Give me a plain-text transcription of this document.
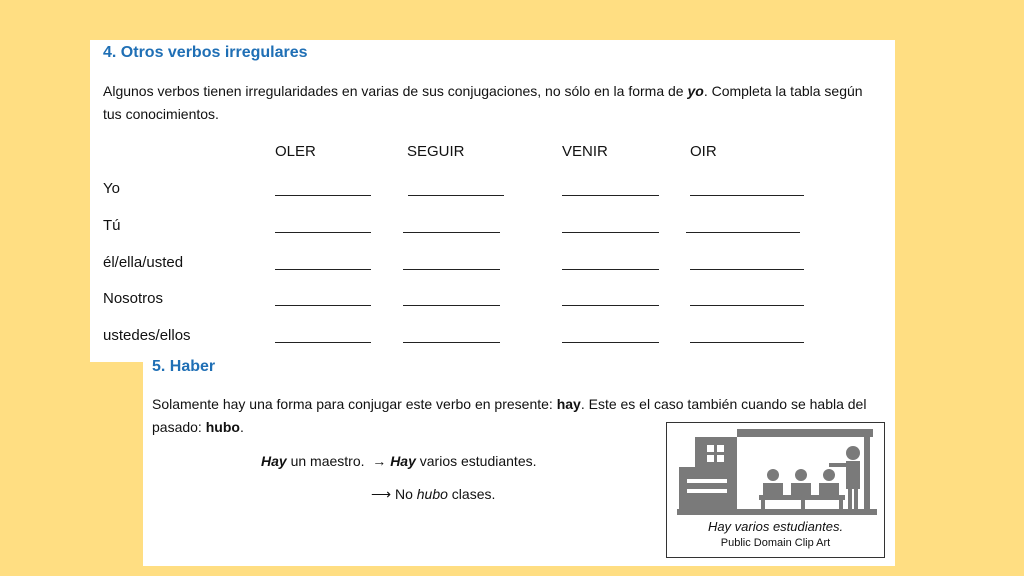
4. Otros verbos irregulares
Algunos verbos tienen irregularidades en varias de sus conjugaciones, no sólo en la forma de yo. Completa la tabla según
tus conocimientos.
OLER	SEGUIR	VENIR	OIR
Yo
Tú
él/ella/usted
Nosotros
ustedes/ellos
5. Haber
Solamente hay una forma para conjugar este verbo en presente: hay. Este es el caso también cuando se habla del
pasado: hubo.
Hay un maestro. → Hay varios estudiantes.
⟶ No hubo clases.
Hay varios estudiantes.
Public Domain Clip Art
